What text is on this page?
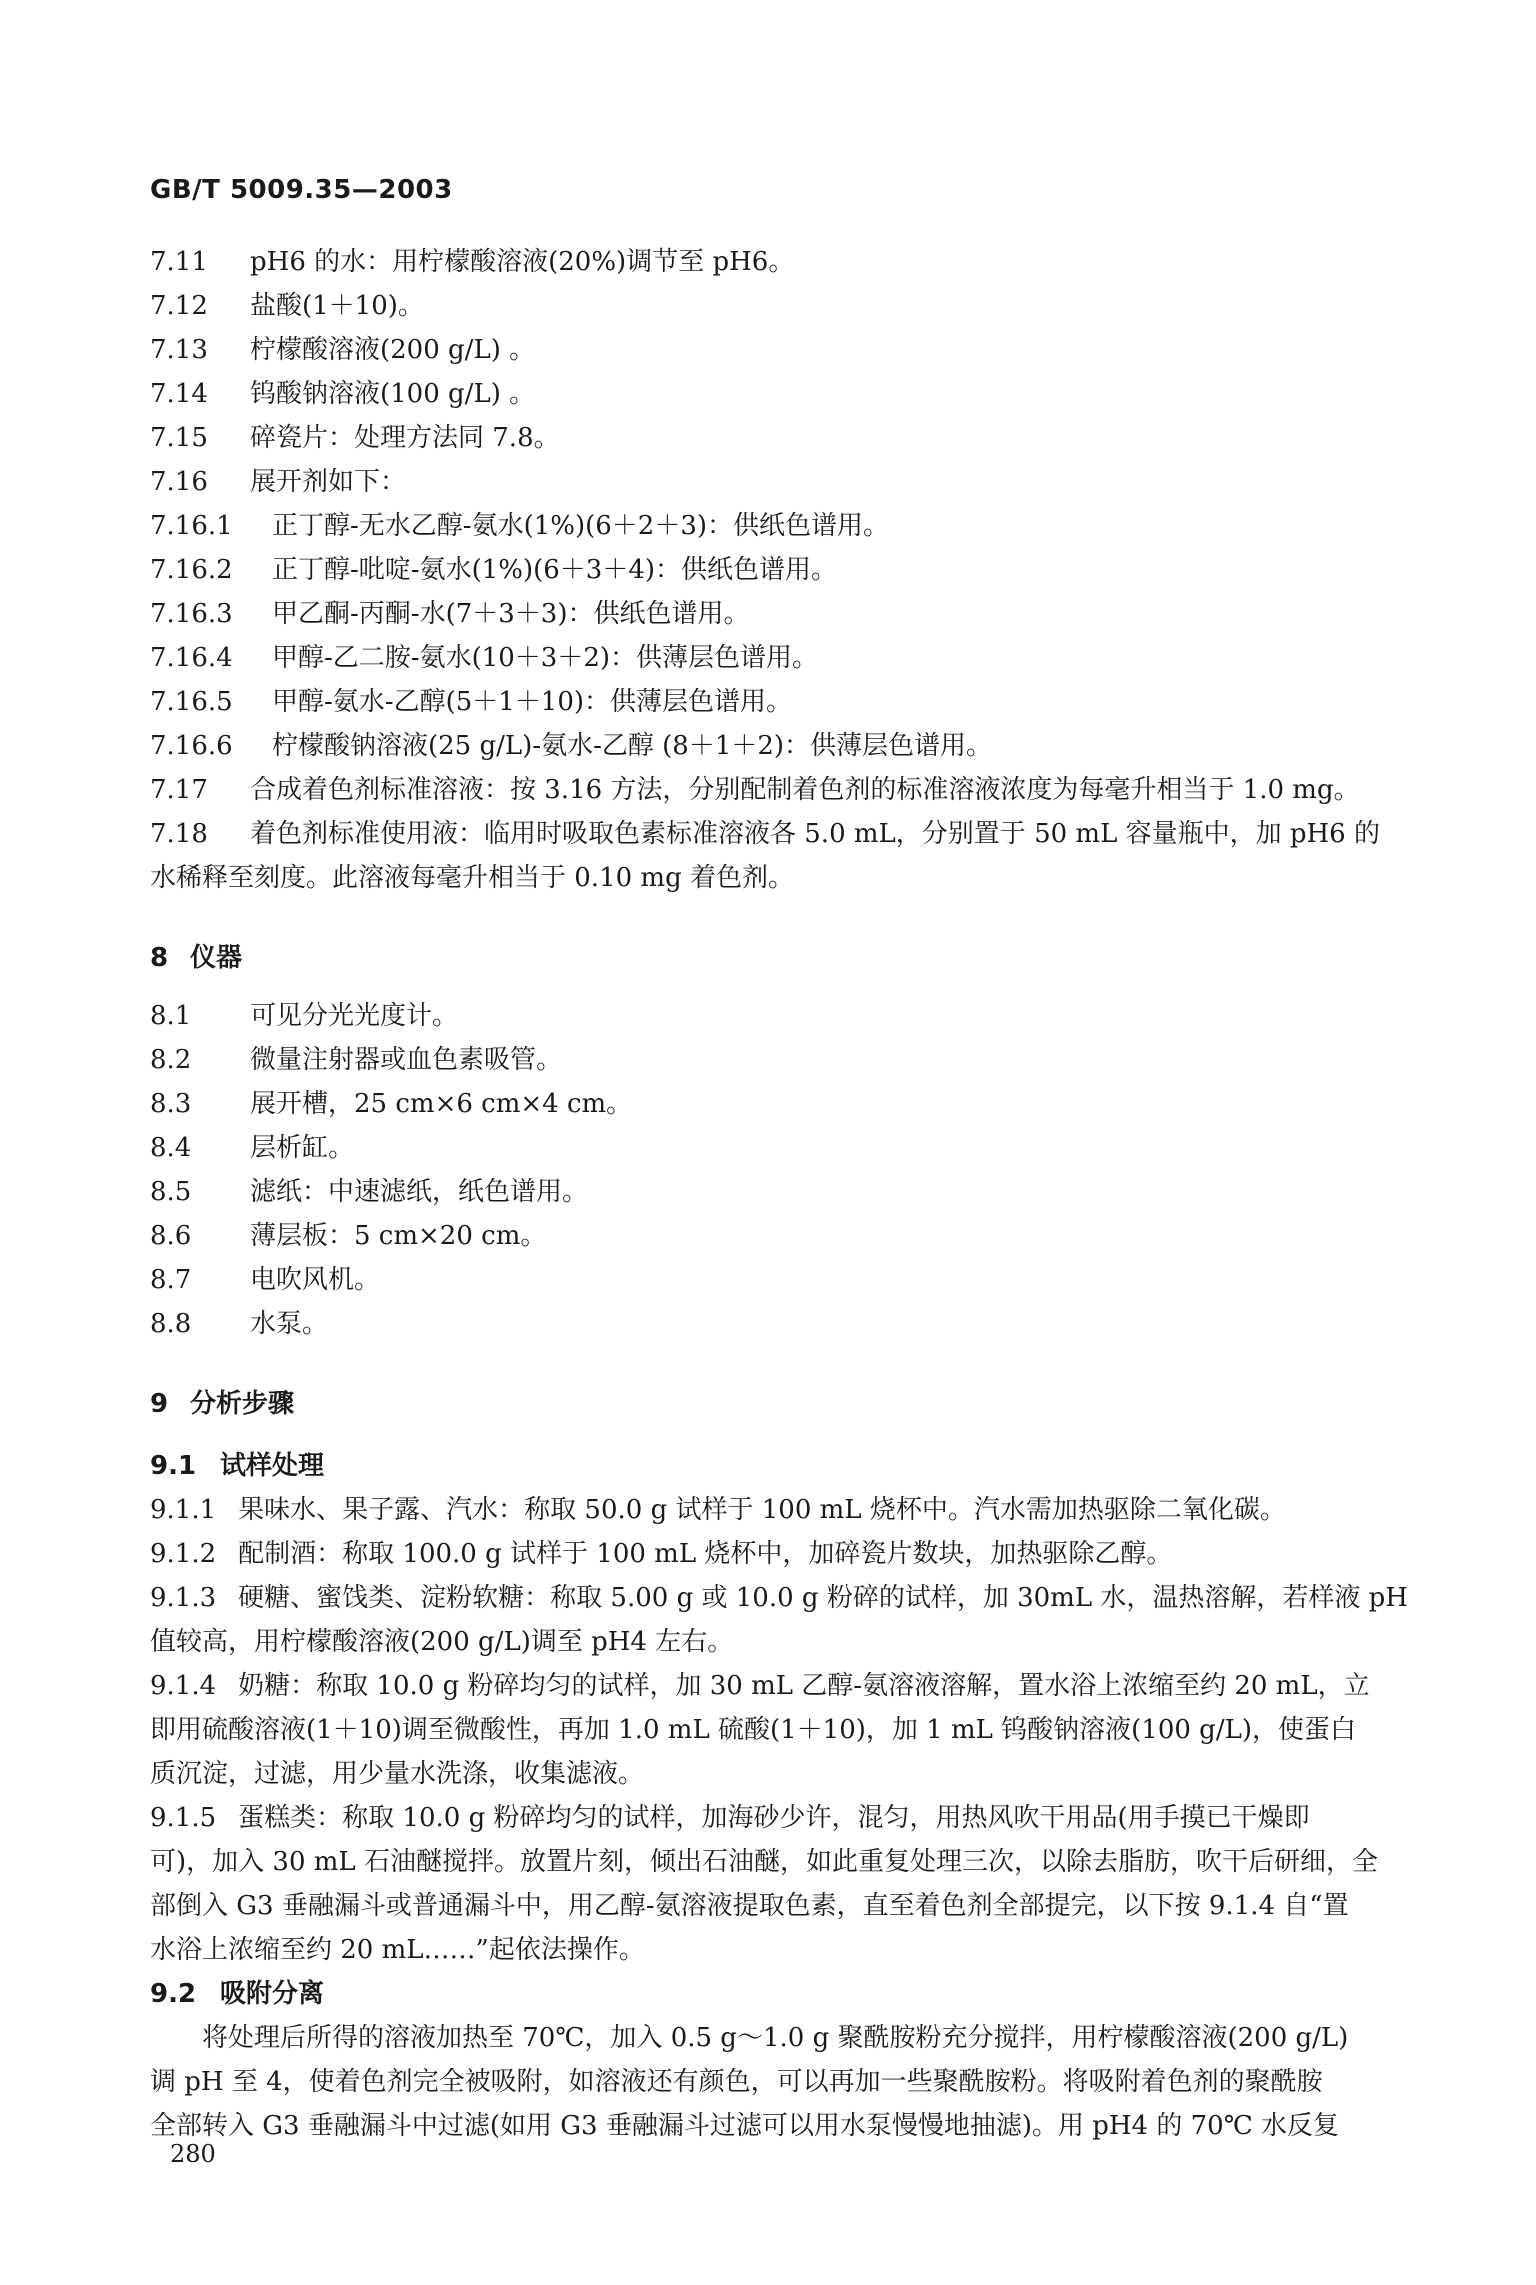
GB/T 5009.35—2003
7.11 pH6 的水：用柠檬酸溶液(20%)调节至 pH6。
7.12 盐酸(1＋10)。
7.13 柠檬酸溶液(200 g/L) 。
7.14 钨酸钠溶液(100 g/L) 。
7.15 碎瓷片：处理方法同 7.8。
7.16 展开剂如下：
7.16.1 正丁醇-无水乙醇-氨水(1%)(6＋2＋3)：供纸色谱用。
7.16.2 正丁醇-吡啶-氨水(1%)(6＋3＋4)：供纸色谱用。
7.16.3 甲乙酮-丙酮-水(7＋3＋3)：供纸色谱用。
7.16.4 甲醇-乙二胺-氨水(10＋3＋2)：供薄层色谱用。
7.16.5 甲醇-氨水-乙醇(5＋1＋10)：供薄层色谱用。
7.16.6 柠檬酸钠溶液(25 g/L)-氨水-乙醇 (8＋1＋2)：供薄层色谱用。
7.17 合成着色剂标准溶液：按 3.16 方法，分别配制着色剂的标准溶液浓度为每毫升相当于 1.0 mg。
7.18 着色剂标准使用液：临用时吸取色素标准溶液各 5.0 mL，分别置于 50 mL 容量瓶中，加 pH6 的
水稀释至刻度。此溶液每毫升相当于 0.10 mg 着色剂。
8 仪器
8.1 可见分光光度计。
8.2 微量注射器或血色素吸管。
8.3 展开槽，25 cm×6 cm×4 cm。
8.4 层析缸。
8.5 滤纸：中速滤纸，纸色谱用。
8.6 薄层板：5 cm×20 cm。
8.7 电吹风机。
8.8 水泵。
9 分析步骤
9.1 试样处理
9.1.1 果味水、果子露、汽水：称取 50.0 g 试样于 100 mL 烧杯中。汽水需加热驱除二氧化碳。
9.1.2 配制酒：称取 100.0 g 试样于 100 mL 烧杯中，加碎瓷片数块，加热驱除乙醇。
9.1.3 硬糖、蜜饯类、淀粉软糖：称取 5.00 g 或 10.0 g 粉碎的试样，加 30mL 水，温热溶解，若样液 pH
值较高，用柠檬酸溶液(200 g/L)调至 pH4 左右。
9.1.4 奶糖：称取 10.0 g 粉碎均匀的试样，加 30 mL 乙醇-氨溶液溶解，置水浴上浓缩至约 20 mL，立
即用硫酸溶液(1＋10)调至微酸性，再加 1.0 mL 硫酸(1＋10)，加 1 mL 钨酸钠溶液(100 g/L)，使蛋白
质沉淀，过滤，用少量水洗涤，收集滤液。
9.1.5 蛋糕类：称取 10.0 g 粉碎均匀的试样，加海砂少许，混匀，用热风吹干用品(用手摸已干燥即
可)，加入 30 mL 石油醚搅拌。放置片刻，倾出石油醚，如此重复处理三次，以除去脂肪，吹干后研细，全
部倒入 G3 垂融漏斗或普通漏斗中，用乙醇-氨溶液提取色素，直至着色剂全部提完，以下按 9.1.4 自“置
水浴上浓缩至约 20 mL……”起依法操作。
9.2 吸附分离
将处理后所得的溶液加热至 70℃，加入 0.5 g～1.0 g 聚酰胺粉充分搅拌，用柠檬酸溶液(200 g/L)
调 pH 至 4，使着色剂完全被吸附，如溶液还有颜色，可以再加一些聚酰胺粉。将吸附着色剂的聚酰胺
全部转入 G3 垂融漏斗中过滤(如用 G3 垂融漏斗过滤可以用水泵慢慢地抽滤)。用 pH4 的 70℃ 水反复
280
